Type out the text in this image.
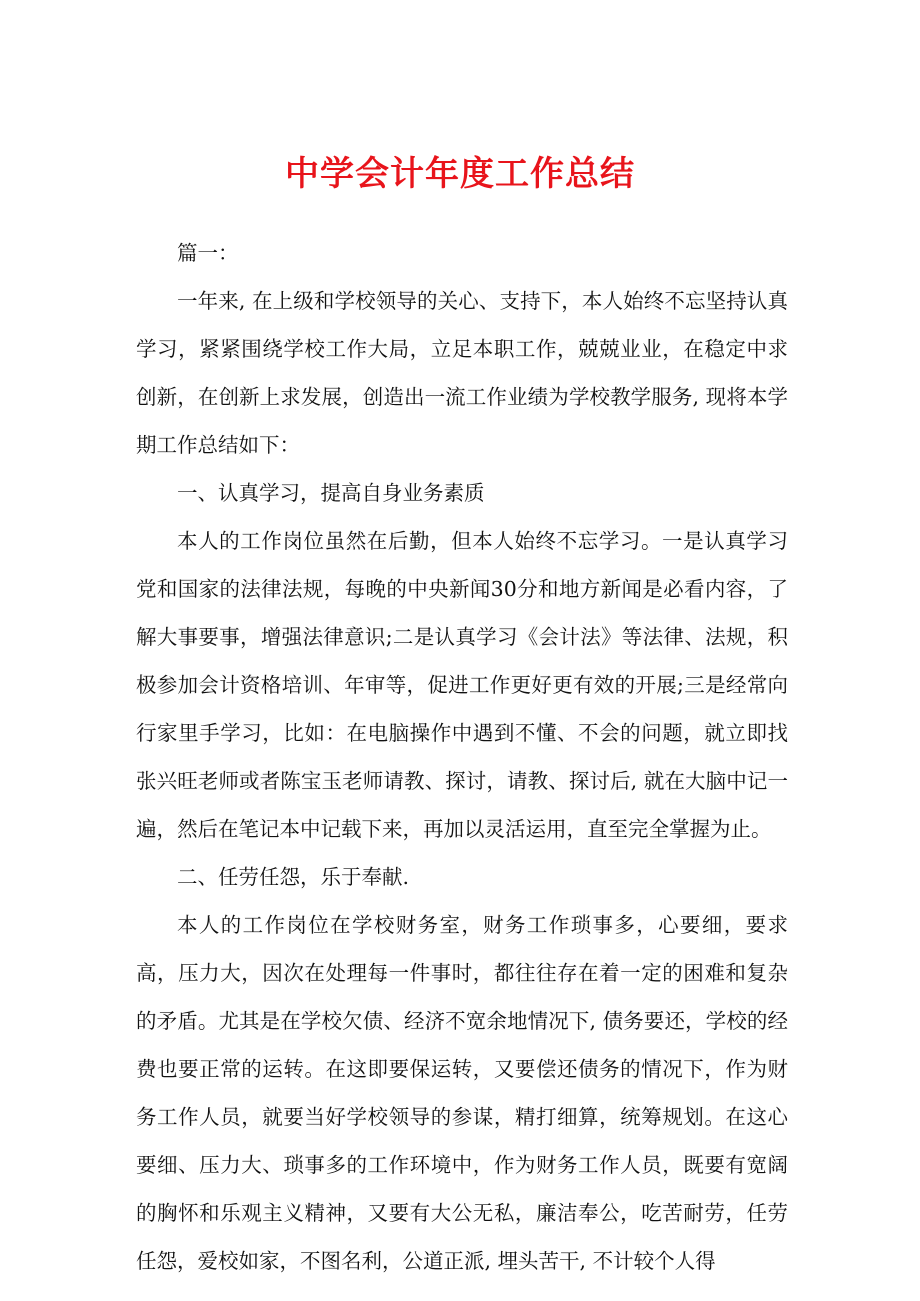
中学会计年度工作总结

篇一：

一年来, 在上级和学校领导的关心、支持下，本人始终不忘坚持认真学习，紧紧围绕学校工作大局，立足本职工作，兢兢业业，在稳定中求创新，在创新上求发展，创造出一流工作业绩为学校教学服务, 现将本学期工作总结如下：

一、认真学习，提高自身业务素质

本人的工作岗位虽然在后勤，但本人始终不忘学习。一是认真学习党和国家的法律法规，每晚的中央新闻30分和地方新闻是必看内容，了解大事要事，增强法律意识;二是认真学习《会计法》等法律、法规，积极参加会计资格培训、年审等，促进工作更好更有效的开展;三是经常向行家里手学习，比如：在电脑操作中遇到不懂、不会的问题，就立即找张兴旺老师或者陈宝玉老师请教、探讨，请教、探讨后, 就在大脑中记一遍，然后在笔记本中记载下来，再加以灵活运用，直至完全掌握为止。

二、任劳任怨，乐于奉献.

本人的工作岗位在学校财务室，财务工作琐事多，心要细，要求高，压力大，因次在处理每一件事时，都往往存在着一定的困难和复杂的矛盾。尤其是在学校欠债、经济不宽余地情况下, 债务要还，学校的经费也要正常的运转。在这即要保运转，又要偿还债务的情况下，作为财务工作人员，就要当好学校领导的参谋，精打细算，统筹规划。在这心要细、压力大、琐事多的工作环境中，作为财务工作人员，既要有宽阔的胸怀和乐观主义精神，又要有大公无私，廉洁奉公，吃苦耐劳，任劳任怨，爱校如家，不图名利，公道正派, 埋头苦干, 不计较个人得
